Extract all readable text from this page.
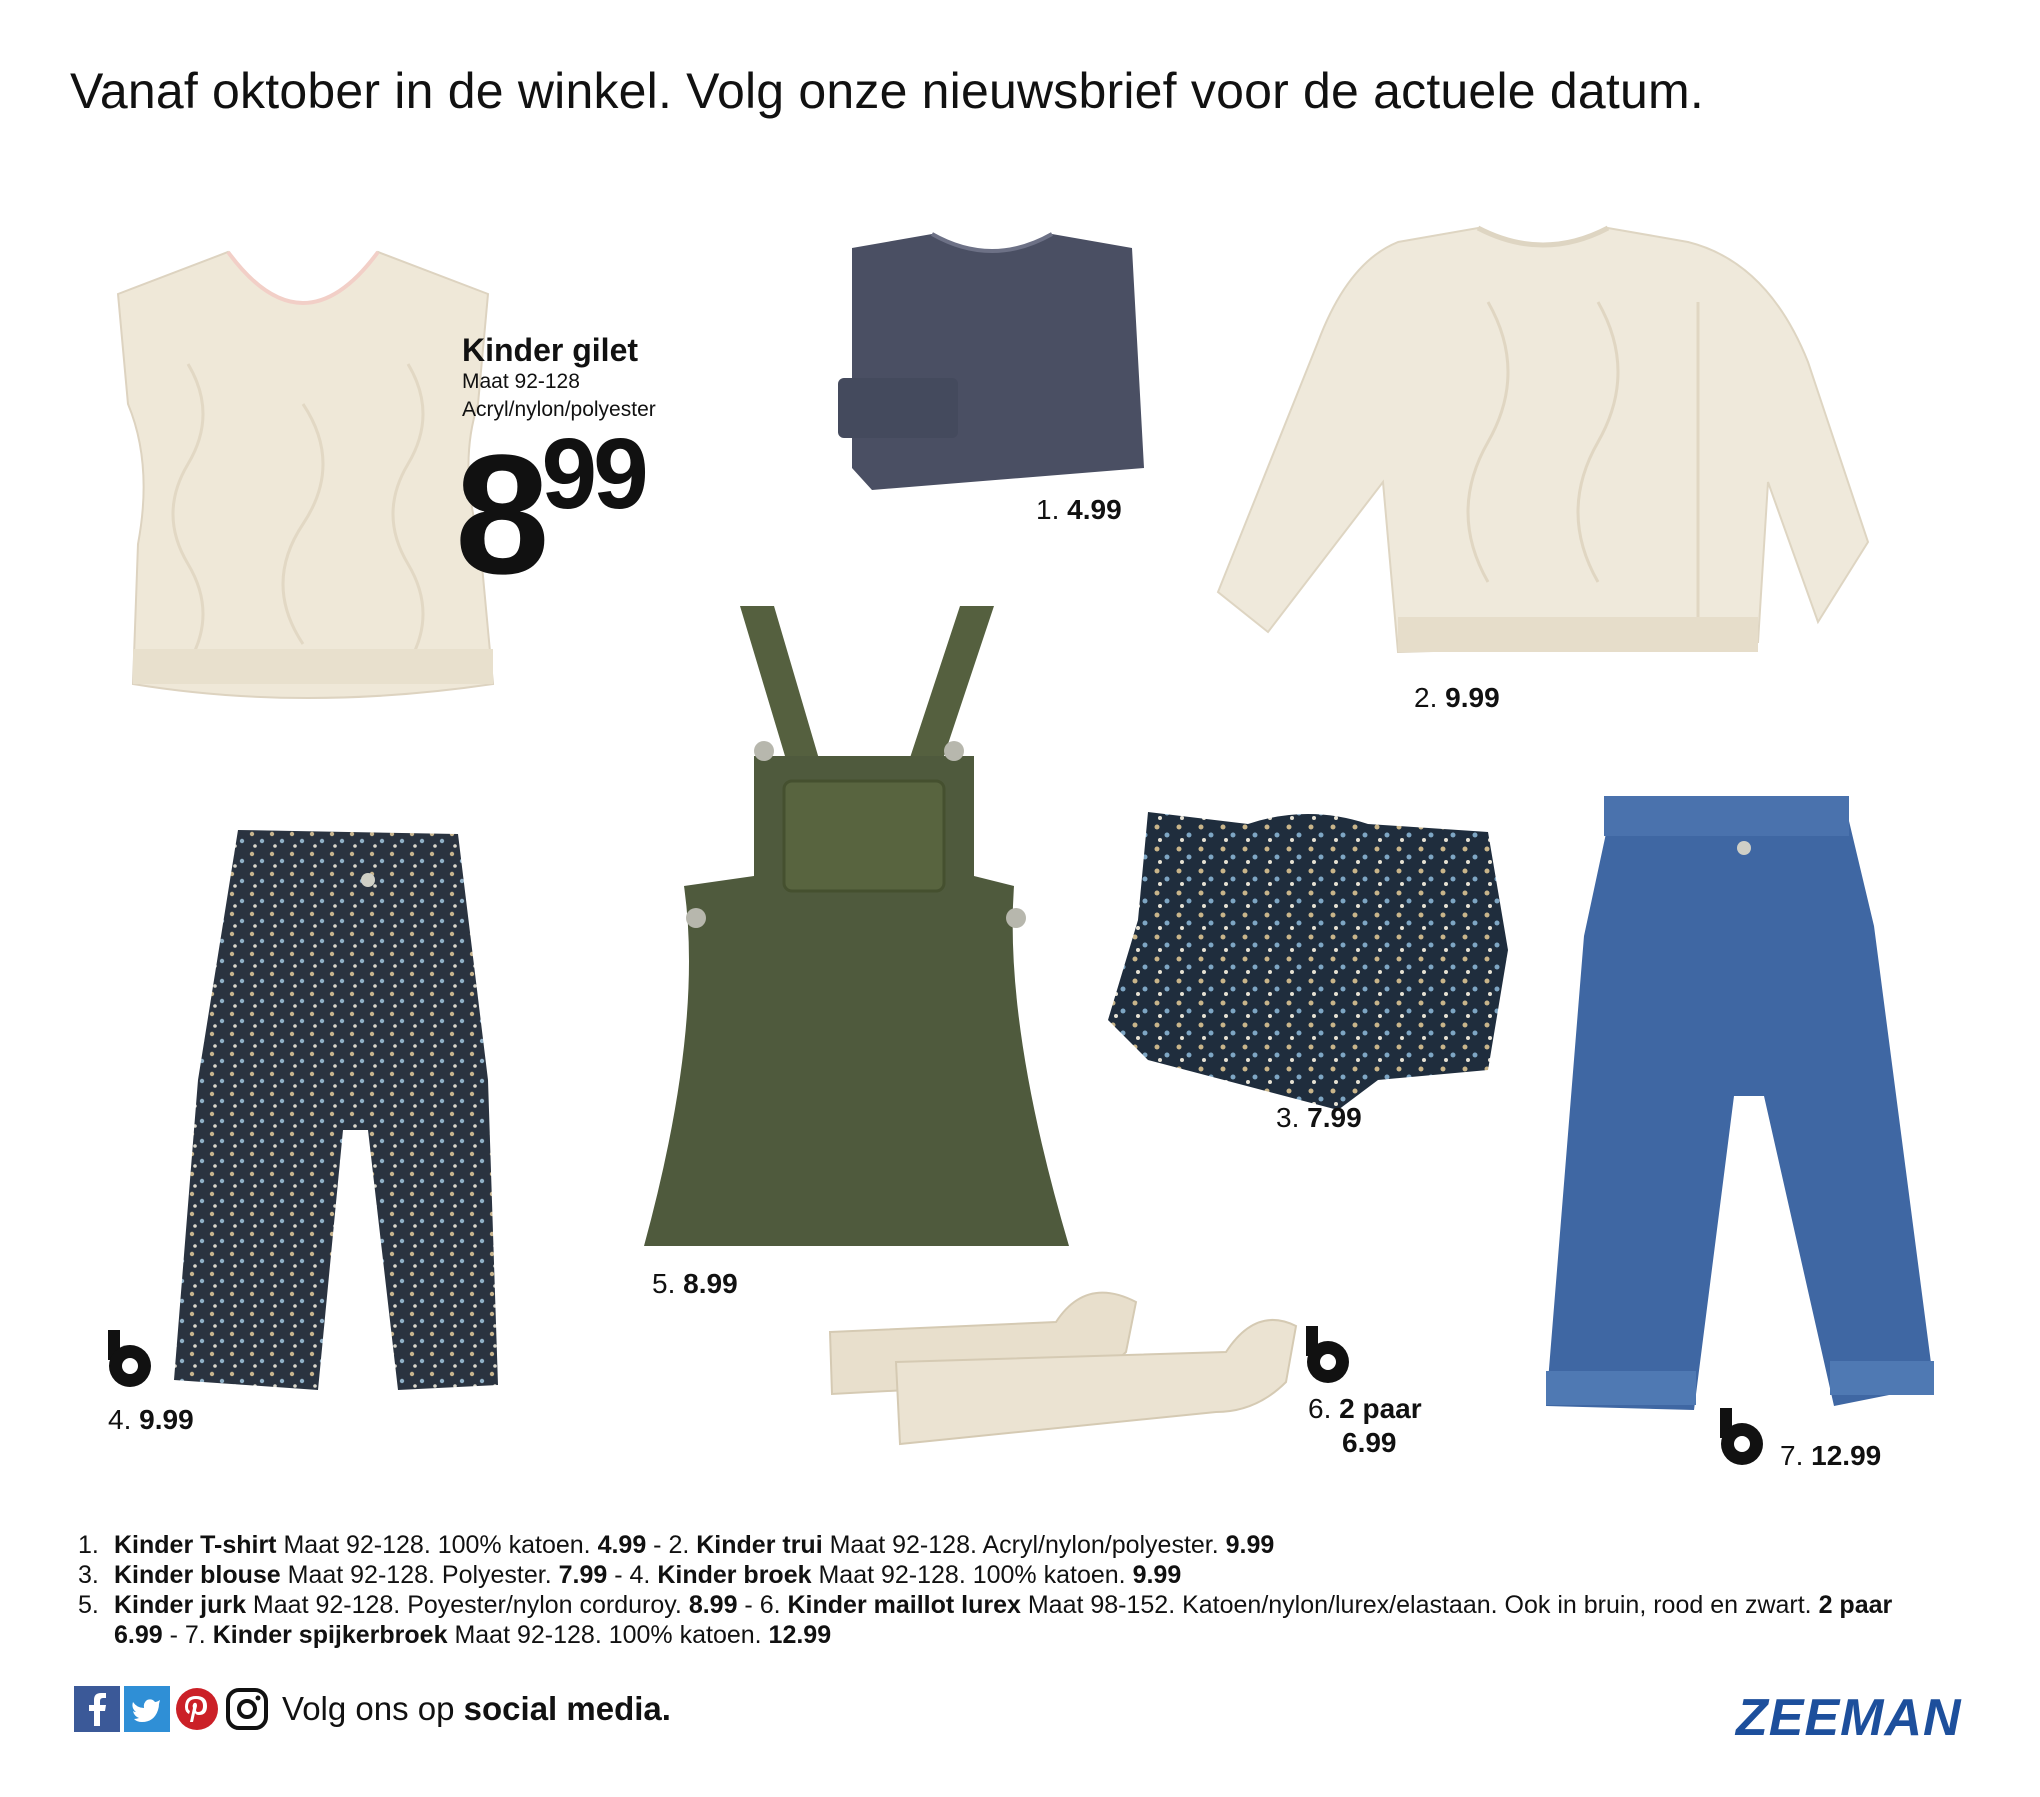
Vanaf oktober in de winkel. Volg onze nieuwsbrief voor de actuele datum.
Kinder gilet
Maat 92-128
Acryl/nylon/polyester
$8^{99}$	1. 4.99
2. 9.99
5. 8.99
3. 7.99
4. 9.99	6. 2 paar
6.99	7. 12.99
1. Kinder T-shirt Maat 92-128. 100% katoen. 4.99 - 2. Kinder trui Maat 92-128. Acryl/nylon/polyester. 9.99
3. Kinder blouse Maat 92-128. Polyester. 7.99 - 4. Kinder broek Maat 92-128. 100% katoen. 9.99
5. Kinder jurk Maat 92-128. Poyester/nylon corduroy. 8.99 - 6. Kinder maillot lurex Maat 98-152. Katoen/nylon/lurex/elastaan. Ook in bruin, rood en zwart. 2 paar 6.99 - 7. Kinder spijkerbroek Maat 92-128. 100% katoen. 12.99
Volg ons op social media.	ZEEMAN
